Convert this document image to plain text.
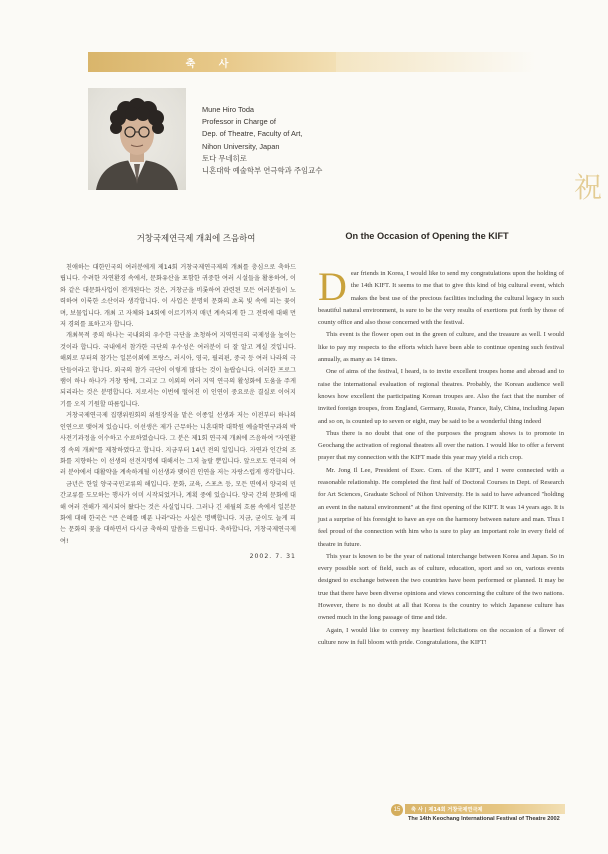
축 사
Mune Hiro Toda
Professor in Charge of
Dep. of Theatre, Faculty of Art,
Nihon University, Japan
토다 무네히로
니혼대학 예술학부 연극학과 주임교수
祝
거창국제연극제 개최에 즈음하여	On the Occasion of Opening the KIFT

친애하는 대한민국의 여러분에게 제14회 거창국제연극제의 개최를 충심으로 축하드립니다. 수려한 자연환경 속에서, 문화유산을 포함한 귀중한 여러 시설들을 활용하여, 이와 같은 대문화사업이 전개된다는 것은, 거창군을 비롯하여 관련된 모든 여러분들이 노력하여 이룩한 소산이라 생각합니다. 이 사업은 분명히 문화의 초록 빛 속에 피는 꽃이며, 보물입니다. 개최 고 자체와 14회에 이르기까지 매년 계속되게 한 그 전력에 대해 먼저 경의를 표하고자 합니다.

개최목적 중의 하나는 국내외의 우수한 극단을 초청하여 지역연극의 국제성을 높이는 것이라 합니다. 국내에서 참가한 극단의 우수성은 여러분이 더 잘 알고 계실 것입니다. 해외로 부터의 참가는 일본이외에 프랑스, 러시아, 영국, 필리핀, 중국 등 여러 나라의 극단들이라고 합니다. 외국의 참가 극단이 이렇게 많다는 것이 놀랍습니다. 이러한 프로그램이 하나 하나가 거창 땅에, 그리고 그 이외의 여러 지역 연극의 활성화에 도움을 주게 되리라는 것은 분명합니다. 지로서는 이번에 떨어진 이 인연이 중요로운 결실로 이어지기를 오직 기원할 따름입니다.

거창국제연극제 집행위원회의 위원장직을 맡은 이종일 선생과 저는 이전부터 하나의 인연으로 맺어져 있습니다. 이선생은 제가 근무하는 니혼대학 대학원 예술학연구과의 박사전기과정을 이수하고 수료하였습니다. 그 분은 제1회 연극제 개최에 즈음하여 "자연환경 속의 개최"를 제창하였다고 합니다. 지금부터 14년 전의 일입니다. 자연과 인간의 조화를 지향하는 이 선생의 선견지명에 대해서는 그저 놀랄 뿐입니다. 앞으로도 연극의 여러 분야에서 대활약을 계속하게될 이선생과 맺어진 인연을 저는 자랑스럽게 생각합니다.

금년은 한일 양국국민교류의 해입니다. 문화, 교육, 스포츠 등, 모든 면에서 양국의 민간교류를 도모하는 행사가 이미 시작되었거나, 계획 중에 있습니다. 양국 간의 문화에 대해 여러 견해가 제시되어 왔다는 것은 사실입니다. 그러나 긴 세월의 흐름 속에서 일본문화에 대해 한국은 "큰 은혜를 베푼 나라"라는 사실은 명백합니다. 지금, 굳이도 늘게 피는 문화의 꽃을 대하면서 다시금 축하의 말씀을 드립니다. 축하합니다, 거창국제연극제여!

2002. 7. 31

Dear friends in Korea, I would like to send my congratulations upon the holding of the 14th KIFT. It seems to me that to give this kind of big cultural event, which makes the best use of the precious facilities including the cultural legacy in such beautiful natural environment, is sure to be the very results of exertions put forth by those of county office and also those concerned with the festival.

This event is the flower open out in the green of culture, and the treasure as well. I would like to pay my respects to the efforts which have been able to continue opening such festival annually, as many as 14 times.

One of aims of the festival, I heard, is to invite excellent troupes home and abroad and to raise the international evaluation of regional theatres. Probably, the Korean audience well knows how excellent the participating Korean troupes are. Also the fact that the number of invited foreign troupes, from England, Germany, Russia, France, Italy, China, including Japan and so on, is counted up to seven or eight, may be said to be a wonderful thing indeed

Thus there is no doubt that one of the purposes the program shows is to promote in Geochang the activation of regional theatres all over the nation. I would like to offer a fervent prayer that my connection with the KIFT made this year may yield a rich crop.

Mr. Jong Il Lee, President of Exec. Com. of the KIFT, and I were connected with a reasonable relationship. He completed the first half of Doctoral Courses in Dept. of Research for Art Sciences, Graduate School of Nihon University. He is said to have advanced "holding an event in the natural environment" at the first opening of the KIFT. It was 14 years ago. It is just a surprise of his foresight to have an eye on the harmony between nature and man. Thus I feel proud of the connection with him who is sure to play an important role in every field of theatre in future.

This year is known to be the year of national interchange between Korea and Japan. So in every possible sort of field, such as of culture, education, sport and so on, various events designed to exchange between the two countries have been performed or planned. It may be true that there have been diverse opinions and views concerning the culture of the two nations. However, there is no doubt at all that Korea is the country to which Japanese culture has owned much in the long passage of time and tide.

Again, I would like to convey my heartiest felicitations on the occasion of a flower of culture now in full bloom with pride. Congratulations, the KIFT!

15	축 사 | 제14회 거창국제연극제
The 14th Keochang International Festival of Theatre 2002
